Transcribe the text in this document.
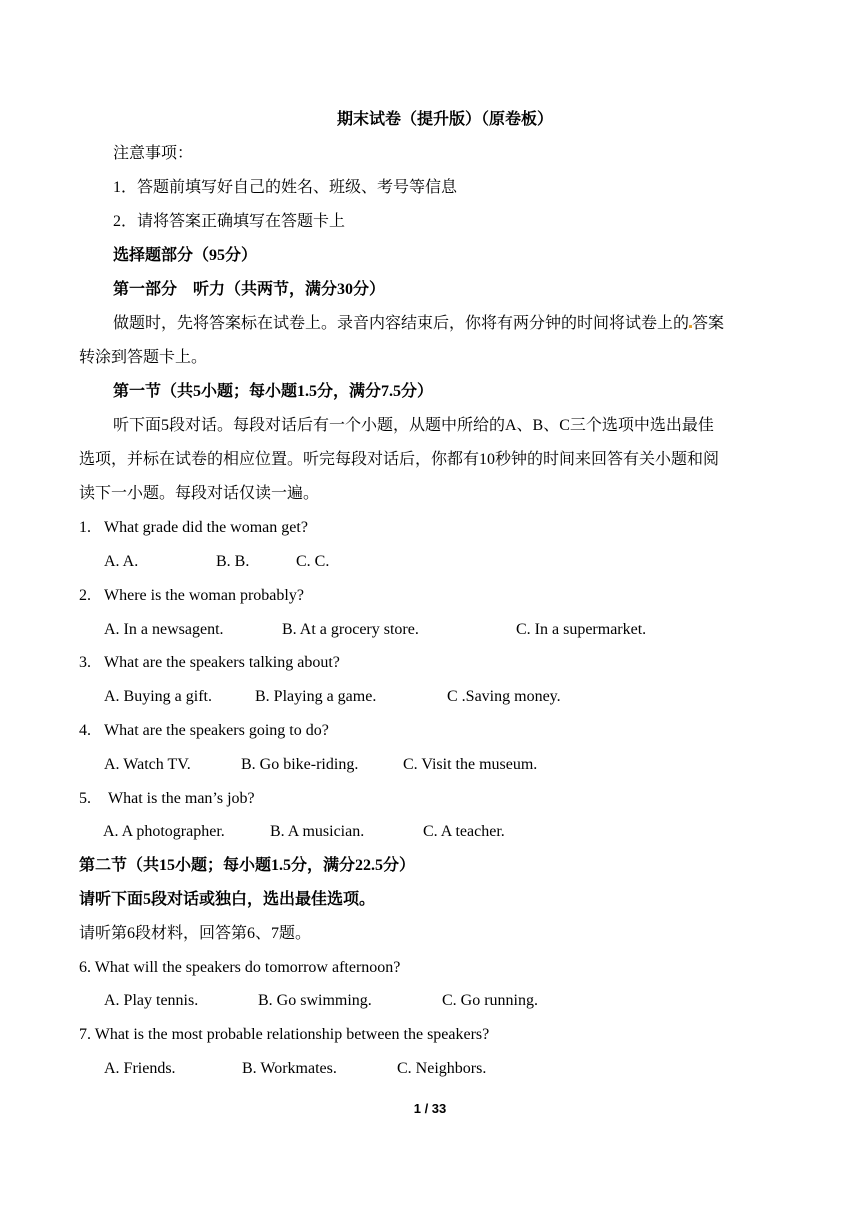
期末试卷（提升版）（原卷板）
注意事项：
1．答题前填写好自己的姓名、班级、考号等信息
2．请将答案正确填写在答题卡上
选择题部分（95分）
第一部分　听力（共两节，满分30分）
做题时，先将答案标在试卷上。录音内容结束后，你将有两分钟的时间将试卷上的 答案
转涂到答题卡上。
第一节（共5小题；每小题1.5分，满分7.5分）
听下面5段对话。每段对话后有一个小题，从题中所给的A、B、C三个选项中选出最佳
选项，并标在试卷的相应位置。听完每段对话后，你都有10秒钟的时间来回答有关小题和阅
读下一小题。每段对话仅读一遍。
1. What grade did the woman get?
A. A.	B. B.	C. C.
2. Where is the woman probably?
A. In a newsagent.	B. At a grocery store.	C. In a supermarket.
3. What are the speakers talking about?
A. Buying a gift.	B. Playing a game.	C .Saving money.
4. What are the speakers going to do?
A. Watch TV.	B. Go bike-riding.	C. Visit the museum.
5. What is the man’s job?
A. A photographer.	B. A musician.	C. A teacher.
第二节（共15小题；每小题1.5分，满分22.5分）
请听下面5段对话或独白，选出最佳选项。
请听第6段材料，回答第6、7题。
6. What will the speakers do tomorrow afternoon?
A. Play tennis.	B. Go swimming.	C. Go running.
7. What is the most probable relationship between the speakers?
A. Friends.	B. Workmates.	C. Neighbors.
1 / 33
